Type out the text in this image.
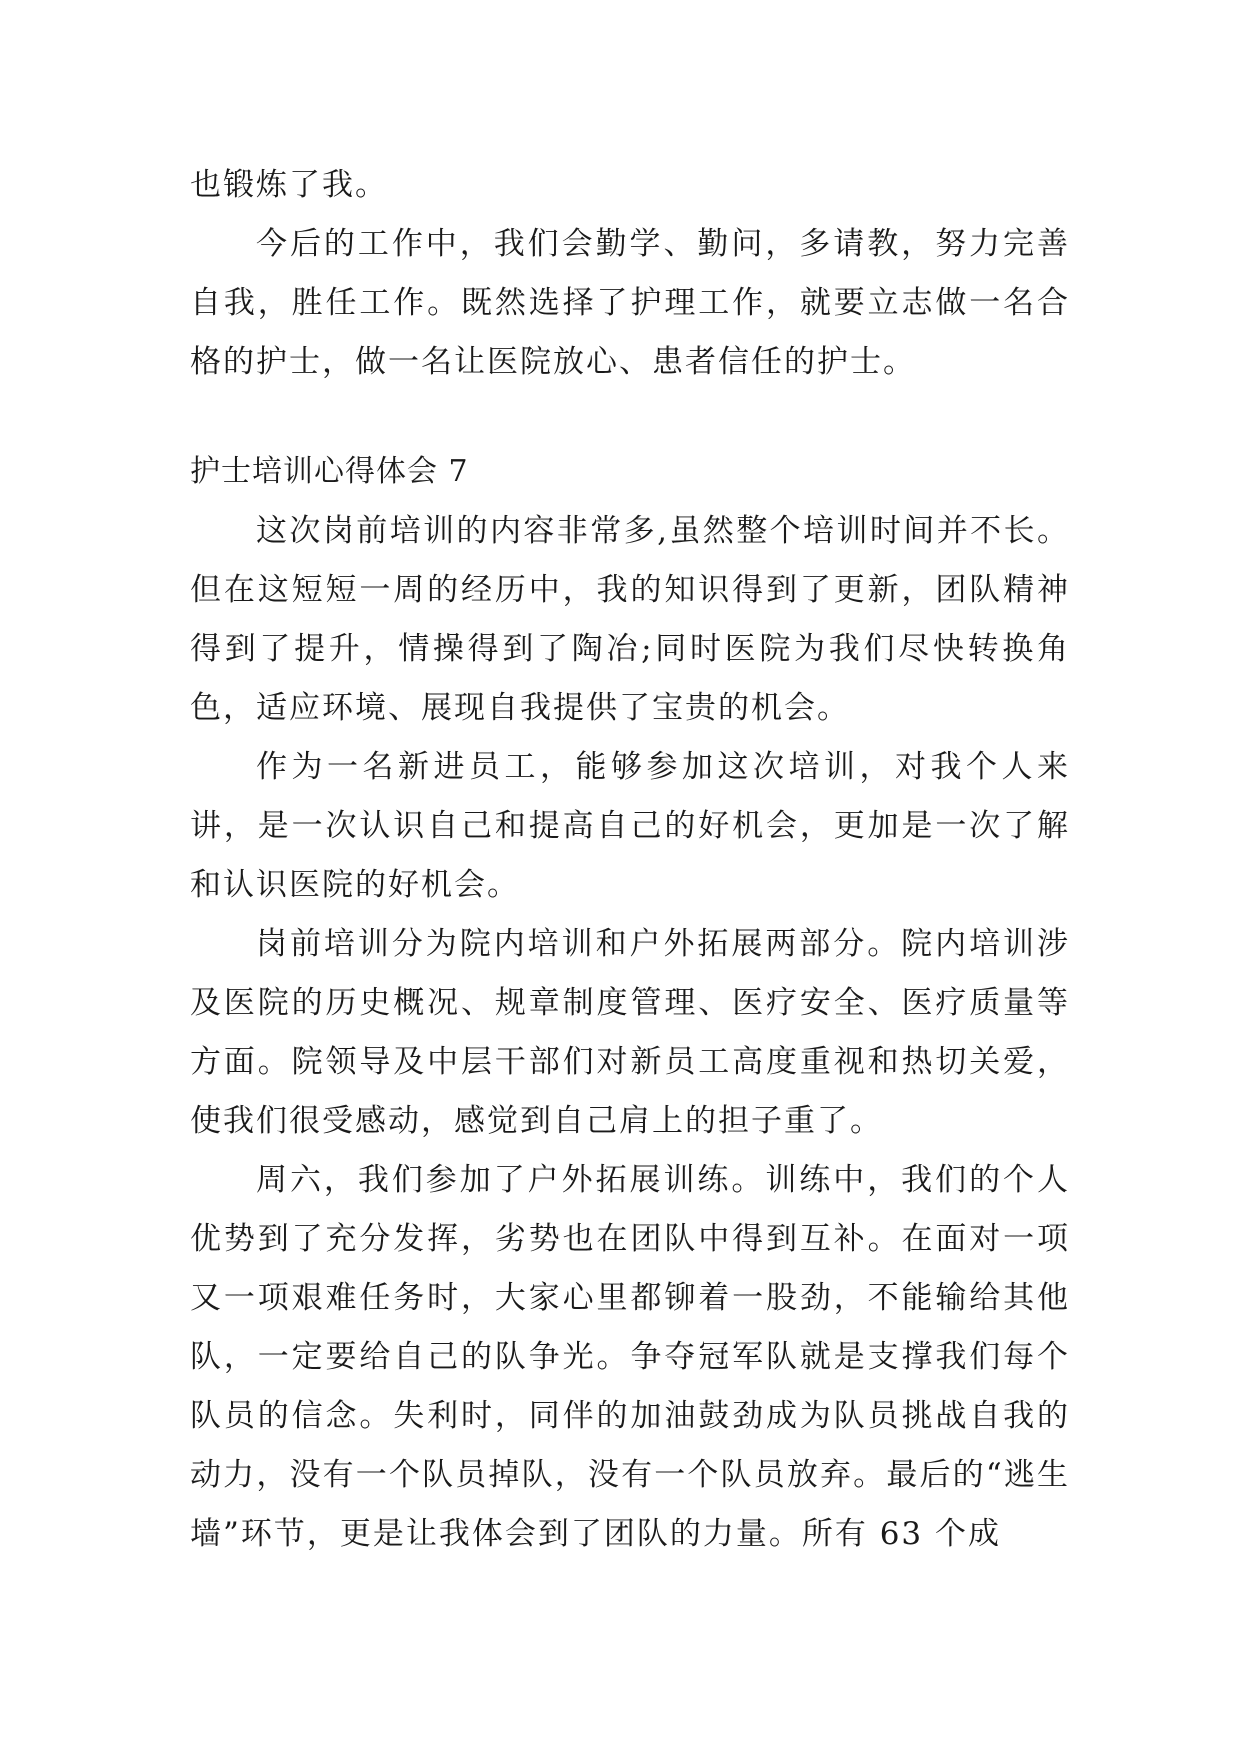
也锻炼了我。

今后的工作中，我们会勤学、勤问，多请教，努力完善自我，胜任工作。既然选择了护理工作，就要立志做一名合格的护士，做一名让医院放心、患者信任的护士。

护士培训心得体会 7

这次岗前培训的内容非常多,虽然整个培训时间并不长。但在这短短一周的经历中，我的知识得到了更新，团队精神得到了提升，情操得到了陶冶;同时医院为我们尽快转换角色，适应环境、展现自我提供了宝贵的机会。

作为一名新进员工，能够参加这次培训，对我个人来讲，是一次认识自己和提高自己的好机会，更加是一次了解和认识医院的好机会。

岗前培训分为院内培训和户外拓展两部分。院内培训涉及医院的历史概况、规章制度管理、医疗安全、医疗质量等方面。院领导及中层干部们对新员工高度重视和热切关爱，使我们很受感动，感觉到自己肩上的担子重了。

周六，我们参加了户外拓展训练。训练中，我们的个人优势到了充分发挥，劣势也在团队中得到互补。在面对一项又一项艰难任务时，大家心里都铆着一股劲，不能输给其他队，一定要给自己的队争光。争夺冠军队就是支撑我们每个队员的信念。失利时，同伴的加油鼓劲成为队员挑战自我的动力，没有一个队员掉队，没有一个队员放弃。最后的“逃生墙”环节，更是让我体会到了团队的力量。所有 63 个成
